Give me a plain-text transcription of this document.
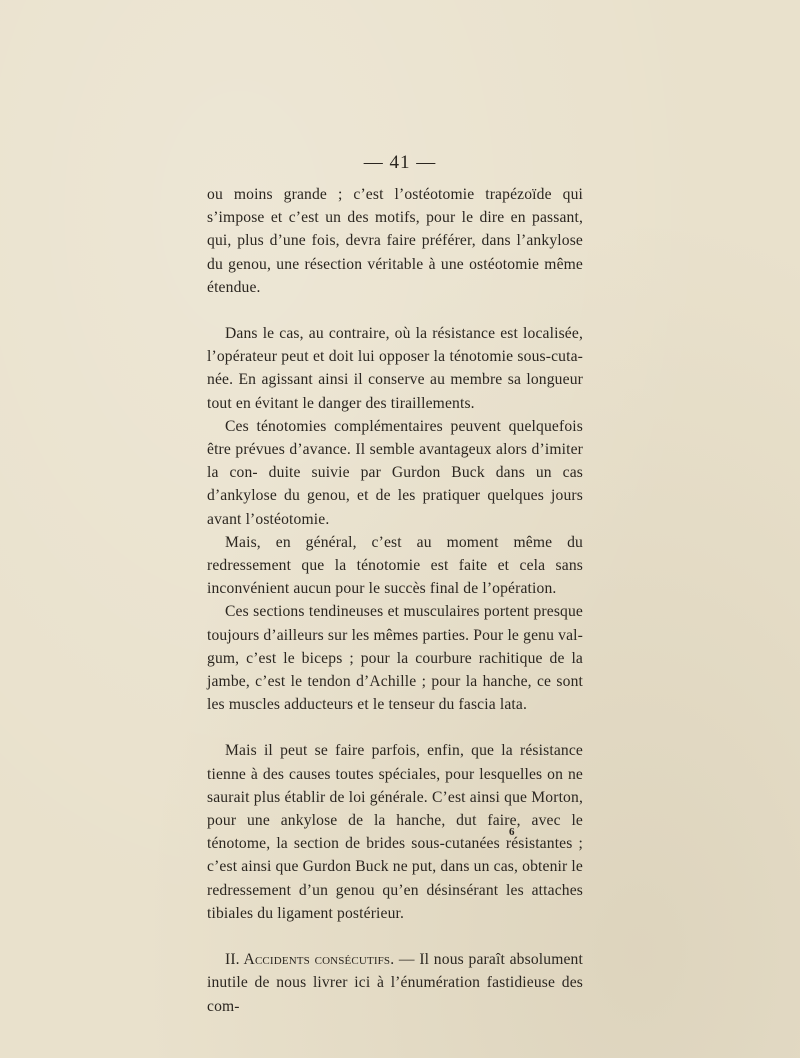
— 41 —

ou moins grande ; c’est l’ostéotomie trapézoïde qui s’impose et c’est un des motifs, pour le dire en passant, qui, plus d’une fois, devra faire préférer, dans l’ankylose du genou, une résection véritable à une ostéotomie même étendue.

Dans le cas, au contraire, où la résistance est localisée, l’opérateur peut et doit lui opposer la ténotomie sous-cuta- née. En agissant ainsi il conserve au membre sa longueur tout en évitant le danger des tiraillements.

Ces ténotomies complémentaires peuvent quelquefois être prévues d’avance. Il semble avantageux alors d’imiter la con- duite suivie par Gurdon Buck dans un cas d’ankylose du genou, et de les pratiquer quelques jours avant l’ostéotomie.

Mais, en général, c’est au moment même du redressement que la ténotomie est faite et cela sans inconvénient aucun pour le succès final de l’opération.

Ces sections tendineuses et musculaires portent presque toujours d’ailleurs sur les mêmes parties. Pour le genu val- gum, c’est le biceps ; pour la courbure rachitique de la jambe, c’est le tendon d’Achille ; pour la hanche, ce sont les muscles adducteurs et le tenseur du fascia lata.

Mais il peut se faire parfois, enfin, que la résistance tienne à des causes toutes spéciales, pour lesquelles on ne saurait plus établir de loi générale. C’est ainsi que Morton, pour une ankylose de la hanche, dut faire, avec le ténotome, la section de brides sous-cutanées résistantes ; c’est ainsi que Gurdon Buck ne put, dans un cas, obtenir le redressement d’un genou qu’en désinsérant les attaches tibiales du ligament postérieur.

II. Accidents consécutifs. — Il nous paraît absolument inutile de nous livrer ici à l’énumération fastidieuse des com-

6
